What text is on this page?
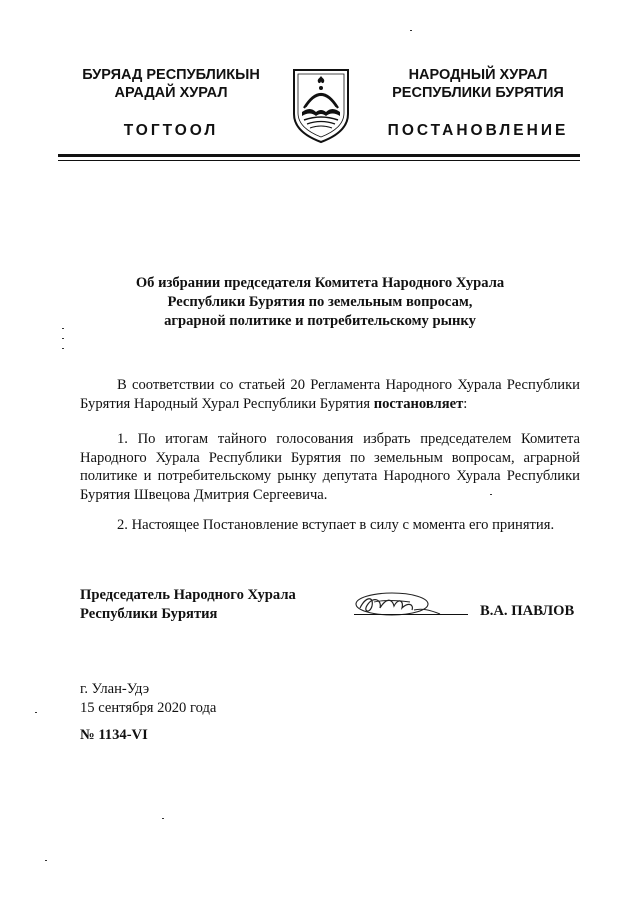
БУРЯАД РЕСПУБЛИКЫН
АРАДАЙ ХУРАЛ
ТОГТООЛ
НАРОДНЫЙ ХУРАЛ
РЕСПУБЛИКИ БУРЯТИЯ
ПОСТАНОВЛЕНИЕ
Об избрании председателя Комитета Народного Хурала
Республики Бурятия по земельным вопросам,
аграрной политике и потребительскому рынку
В соответствии со статьей 20 Регламента Народного Хурала Республики Бурятия Народный Хурал Республики Бурятия постановляет:
1. По итогам тайного голосования избрать председателем Комитета Народного Хурала Республики Бурятия по земельным вопросам, аграрной политике и потребительскому рынку депутата Народного Хурала Республики Бурятия Швецова Дмитрия Сергеевича.
2. Настоящее Постановление вступает в силу с момента его принятия.
Председатель Народного Хурала
Республики Бурятия	В.А. ПАВЛОВ
г. Улан-Удэ
15 сентября 2020 года
№ 1134-VI
